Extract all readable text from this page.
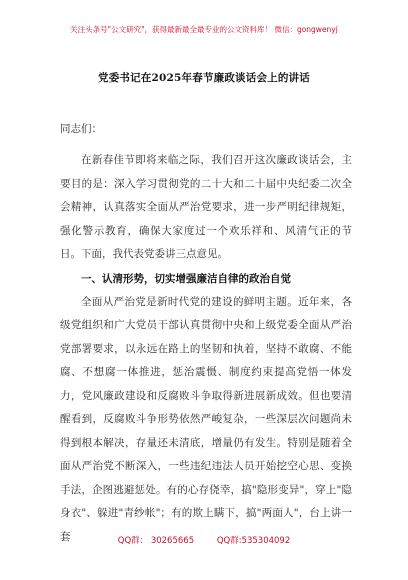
关注头条号"公文研究"，获得最新最全最专业的公文资料库！ 微信：gongwenyj
党委书记在2025年春节廉政谈话会上的讲话

同志们：

在新春佳节即将来临之际，我们召开这次廉政谈话会，主要目的是：深入学习贯彻党的二十大和二十届中央纪委二次全会精神，认真落实全面从严治党要求，进一步严明纪律规矩，强化警示教育，确保大家度过一个欢乐祥和、风清气正的节日。下面，我代表党委讲三点意见。

一、认清形势，切实增强廉洁自律的政治自觉

全面从严治党是新时代党的建设的鲜明主题。近年来，各级党组织和广大党员干部认真贯彻中央和上级党委全面从严治党部署要求，以永远在路上的坚韧和执着，坚持不敢腐、不能腐、不想腐一体推进，惩治震慑、制度约束提高党悟一体发力，党风廉政建设和反腐败斗争取得新进展新成效。但也要清醒看到，反腐败斗争形势依然严峻复杂，一些深层次问题尚未得到根本解决，存量还未清底，增量仍有发生。特别是随着全面从严治党不断深入，一些违纪违法人员开始挖空心思、变换手法，企图逃避惩处。有的心存侥幸，搞"隐形变异"，穿上"隐身衣"、躲进"青纱帐"；有的欺上瞒下，搞"两面人"，台上讲一套	QQ群： 30265665	QQ群:535304092
